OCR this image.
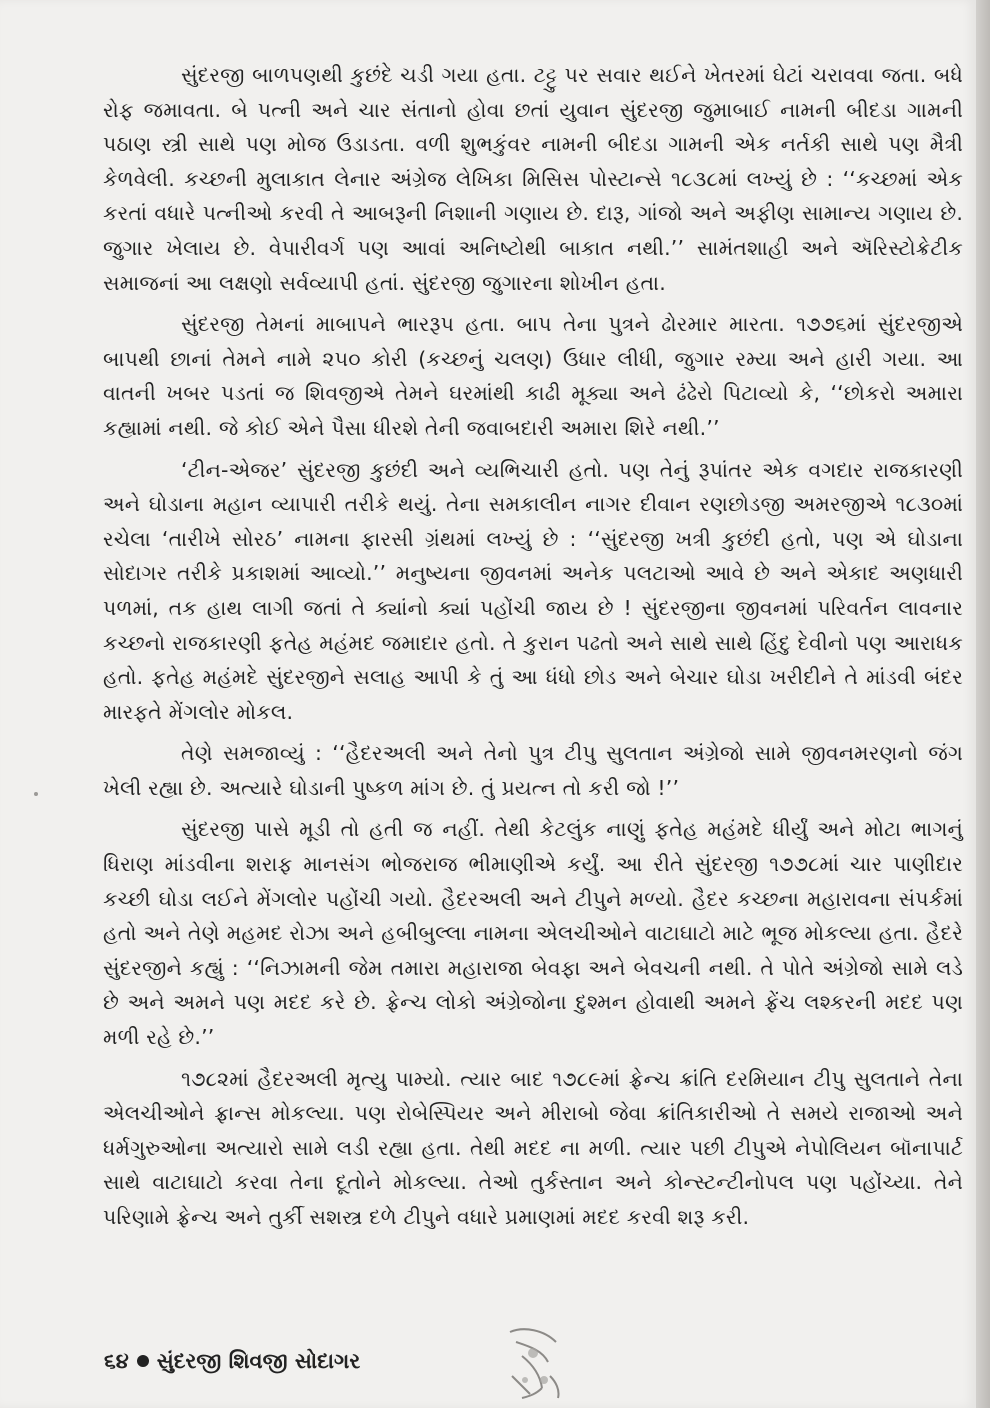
સુંદરજી બાળપણથી કુછંદે ચડી ગયા હતા. ટટ્ટુ પર સવાર થઈને ખેતરમાં ઘેટાં ચરાવવા જતા. બધે રોફ જમાવતા. બે પત્ની અને ચાર સંતાનો હોવા છતાં યુવાન સુંદરજી જુમાબાઈ નામની બીદડા ગામની પઠાણ સ્ત્રી સાથે પણ મોજ ઉડાડતા. વળી શુભકુંવર નામની બીદડા ગામની એક નર્તકી સાથે પણ મૈત્રી કેળવેલી. કચ્છની મુલાકાત લેનાર અંગ્રેજ લેખિકા મિસિસ પોસ્ટાન્સે ૧૮૩૮માં લખ્યું છે : ‘‘કચ્છમાં એક કરતાં વધારે પત્નીઓ કરવી તે આબરૂની નિશાની ગણાય છે. દારૂ, ગાંજો અને અફીણ સામાન્ય ગણાય છે. જુગાર ખેલાય છે. વેપારીવર્ગ પણ આવાં અનિષ્ટોથી બાકાત નથી.’’ સામંતશાહી અને ઍરિસ્ટોક્રેટીક સમાજનાં આ લક્ષણો સર્વવ્યાપી હતાં. સુંદરજી જુગારના શોખીન હતા.

સુંદરજી તેમનાં માબાપને ભારરૂપ હતા. બાપ તેના પુત્રને ઢોરમાર મારતા. ૧૭૭૬માં સુંદરજીએ બાપથી છાનાં તેમને નામે ૨૫૦ કોરી (કચ્છનું ચલણ) ઉધાર લીધી, જુગાર રમ્યા અને હારી ગયા. આ વાતની ખબર પડતાં જ શિવજીએ તેમને ઘરમાંથી કાઢી મૂક્યા અને ઢંઢેરો પિટાવ્યો કે, ‘‘છોકરો અમારા કહ્યામાં નથી. જે કોઈ એને પૈસા ધીરશે તેની જવાબદારી અમારા શિરે નથી.’’

‘ટીન-એજર’ સુંદરજી કુછંદી અને વ્યભિચારી હતો. પણ તેનું રૂપાંતર એક વગદાર રાજકારણી અને ઘોડાના મહાન વ્યાપારી તરીકે થયું. તેના સમકાલીન નાગર દીવાન રણછોડજી અમરજીએ ૧૮૩૦માં રચેલા ‘તારીખે સોરઠ’ નામના ફારસી ગ્રંથમાં લખ્યું છે : ‘‘સુંદરજી ખત્રી કુછંદી હતો, પણ એ ઘોડાના સોદાગર તરીકે પ્રકાશમાં આવ્યો.’’ મનુષ્યના જીવનમાં અનેક પલટાઓ આવે છે અને એકાદ અણધારી પળમાં, તક હાથ લાગી જતાં તે ક્યાંનો ક્યાં પહોંચી જાય છે ! સુંદરજીના જીવનમાં પરિવર્તન લાવનાર કચ્છનો રાજકારણી ફતેહ મહંમદ જમાદાર હતો. તે કુરાન પઢતો અને સાથે સાથે હિંદુ દેવીનો પણ આરાધક હતો. ફતેહ મહંમદે સુંદરજીને સલાહ આપી કે તું આ ધંધો છોડ અને બેચાર ઘોડા ખરીદીને તે માંડવી બંદર મારફતે મેંગલોર મોકલ.

તેણે સમજાવ્યું : ‘‘હૈદરઅલી અને તેનો પુત્ર ટીપુ સુલતાન અંગ્રેજો સામે જીવનમરણનો જંગ ખેલી રહ્યા છે. અત્યારે ઘોડાની પુષ્કળ માંગ છે. તું પ્રયત્ન તો કરી જો !’’

સુંદરજી પાસે મૂડી તો હતી જ નહીં. તેથી કેટલુંક નાણું ફતેહ મહંમદે ધીર્યું અને મોટા ભાગનું ધિરાણ માંડવીના શરાફ માનસંગ ભોજરાજ ભીમાણીએ કર્યું. આ રીતે સુંદરજી ૧૭૭૮માં ચાર પાણીદાર કચ્છી ઘોડા લઈને મેંગલોર પહોંચી ગયો. હૈદરઅલી અને ટીપુને મળ્યો. હૈદર કચ્છના મહારાવના સંપર્કમાં હતો અને તેણે મહમદ રોઝા અને હબીબુલ્લા નામના એલચીઓને વાટાઘાટો માટે ભૂજ મોકલ્યા હતા. હૈદરે સુંદરજીને કહ્યું : ‘‘નિઝામની જેમ તમારા મહારાજા બેવફા અને બેવચની નથી. તે પોતે અંગ્રેજો સામે લડે છે અને અમને પણ મદદ કરે છે. ફ્રેન્ચ લોકો અંગ્રેજોના દુશ્મન હોવાથી અમને ફ્રેંચ લશ્કરની મદદ પણ મળી રહે છે.’’

૧૭૮૨માં હૈદરઅલી મૃત્યુ પામ્યો. ત્યાર બાદ ૧૭૮૯માં ફ્રેન્ચ ક્રાંતિ દરમિયાન ટીપુ સુલતાને તેના એલચીઓને ફ્રાન્સ મોકલ્યા. પણ રોબેસ્પિયર અને મીરાબો જેવા ક્રાંતિકારીઓ તે સમયે રાજાઓ અને ધર્મગુરુઓના અત્યારો સામે લડી રહ્યા હતા. તેથી મદદ ના મળી. ત્યાર પછી ટીપુએ નેપોલિયન બૉનાપાર્ટ સાથે વાટાઘાટો કરવા તેના દૂતોને મોકલ્યા. તેઓ તુર્કસ્તાન અને કોન્સ્ટન્ટીનોપલ પણ પહોંચ્યા. તેને પરિણામે ફ્રેન્ચ અને તુર્કી સશસ્ત્ર દળે ટીપુને વધારે પ્રમાણમાં મદદ કરવી શરૂ કરી.

૬૪ સુંદરજી શિવજી સોદાગર
